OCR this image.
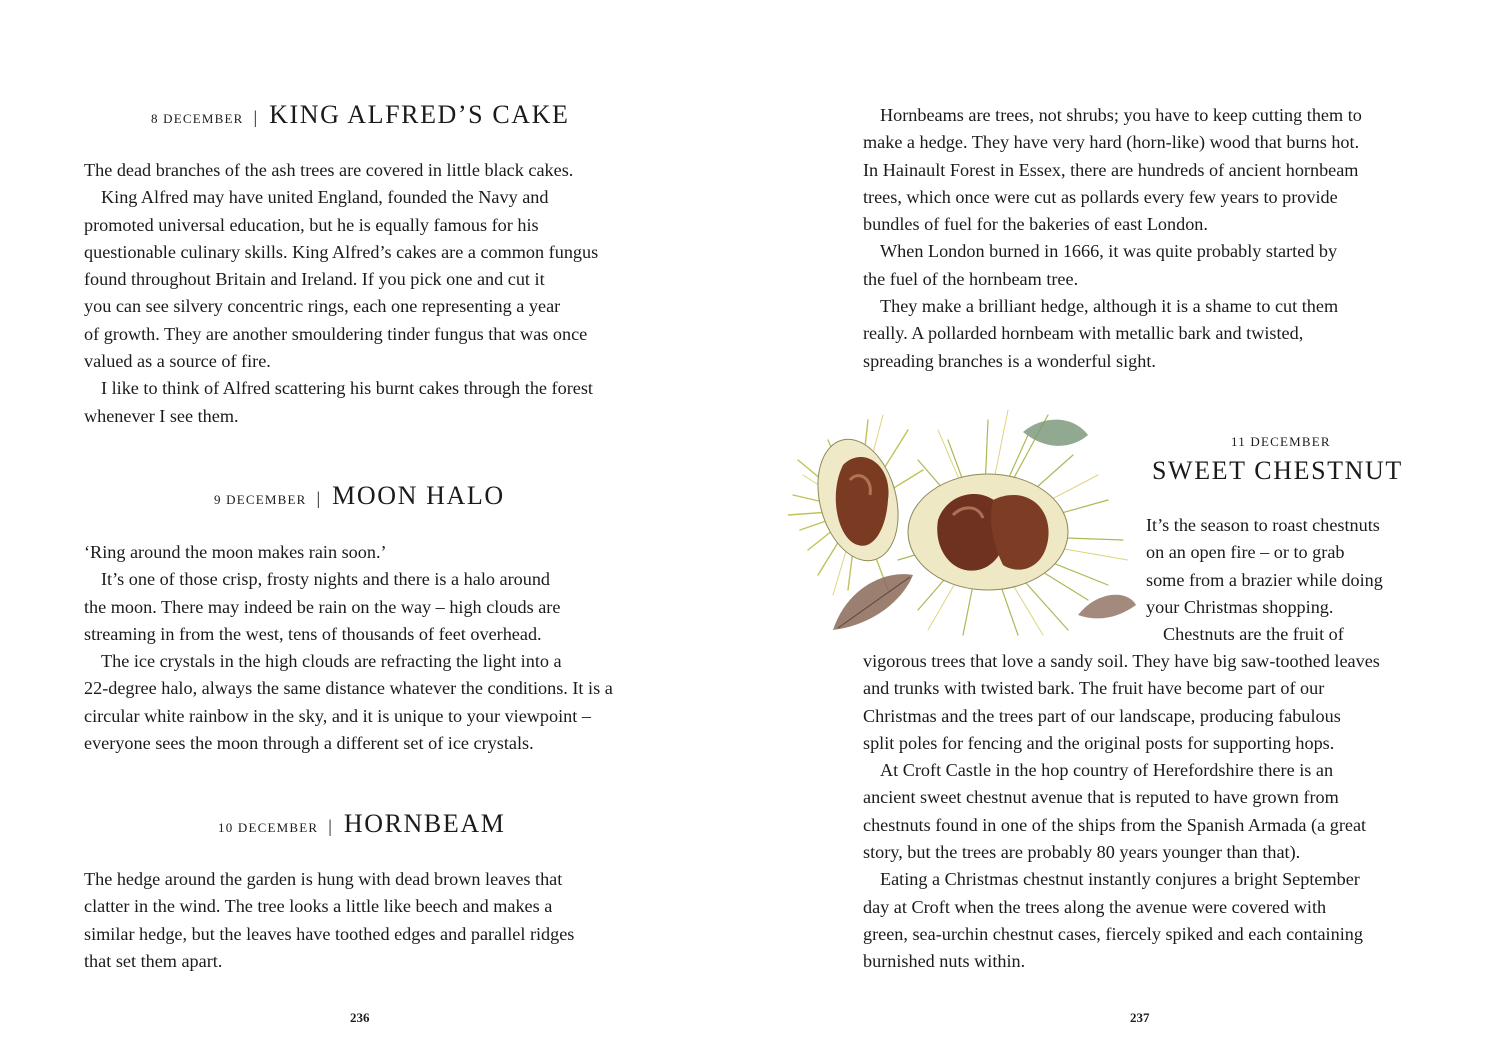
8 DECEMBER | KING ALFRED’S CAKE
The dead branches of the ash trees are covered in little black cakes.
King Alfred may have united England, founded the Navy and
promoted universal education, but he is equally famous for his
questionable culinary skills. King Alfred’s cakes are a common fungus
found throughout Britain and Ireland. If you pick one and cut it
you can see silvery concentric rings, each one representing a year
of growth. They are another smouldering tinder fungus that was once
valued as a source of fire.
I like to think of Alfred scattering his burnt cakes through the forest
whenever I see them.
9 DECEMBER | MOON HALO
‘Ring around the moon makes rain soon.’
It’s one of those crisp, frosty nights and there is a halo around
the moon. There may indeed be rain on the way – high clouds are
streaming in from the west, tens of thousands of feet overhead.
The ice crystals in the high clouds are refracting the light into a
22-degree halo, always the same distance whatever the conditions. It is a
circular white rainbow in the sky, and it is unique to your viewpoint –
everyone sees the moon through a different set of ice crystals.
10 DECEMBER | HORNBEAM
The hedge around the garden is hung with dead brown leaves that
clatter in the wind. The tree looks a little like beech and makes a
similar hedge, but the leaves have toothed edges and parallel ridges
that set them apart.
236
Hornbeams are trees, not shrubs; you have to keep cutting them to
make a hedge. They have very hard (horn-like) wood that burns hot.
In Hainault Forest in Essex, there are hundreds of ancient hornbeam
trees, which once were cut as pollards every few years to provide
bundles of fuel for the bakeries of east London.
When London burned in 1666, it was quite probably started by
the fuel of the hornbeam tree.
They make a brilliant hedge, although it is a shame to cut them
really. A pollarded hornbeam with metallic bark and twisted,
spreading branches is a wonderful sight.
11 DECEMBER
SWEET CHESTNUT
It’s the season to roast chestnuts
on an open fire – or to grab
some from a brazier while doing
your Christmas shopping.
Chestnuts are the fruit of
vigorous trees that love a sandy soil. They have big saw-toothed leaves
and trunks with twisted bark. The fruit have become part of our
Christmas and the trees part of our landscape, producing fabulous
split poles for fencing and the original posts for supporting hops.
At Croft Castle in the hop country of Herefordshire there is an
ancient sweet chestnut avenue that is reputed to have grown from
chestnuts found in one of the ships from the Spanish Armada (a great
story, but the trees are probably 80 years younger than that).
Eating a Christmas chestnut instantly conjures a bright September
day at Croft when the trees along the avenue were covered with
green, sea-urchin chestnut cases, fiercely spiked and each containing
burnished nuts within.
237
